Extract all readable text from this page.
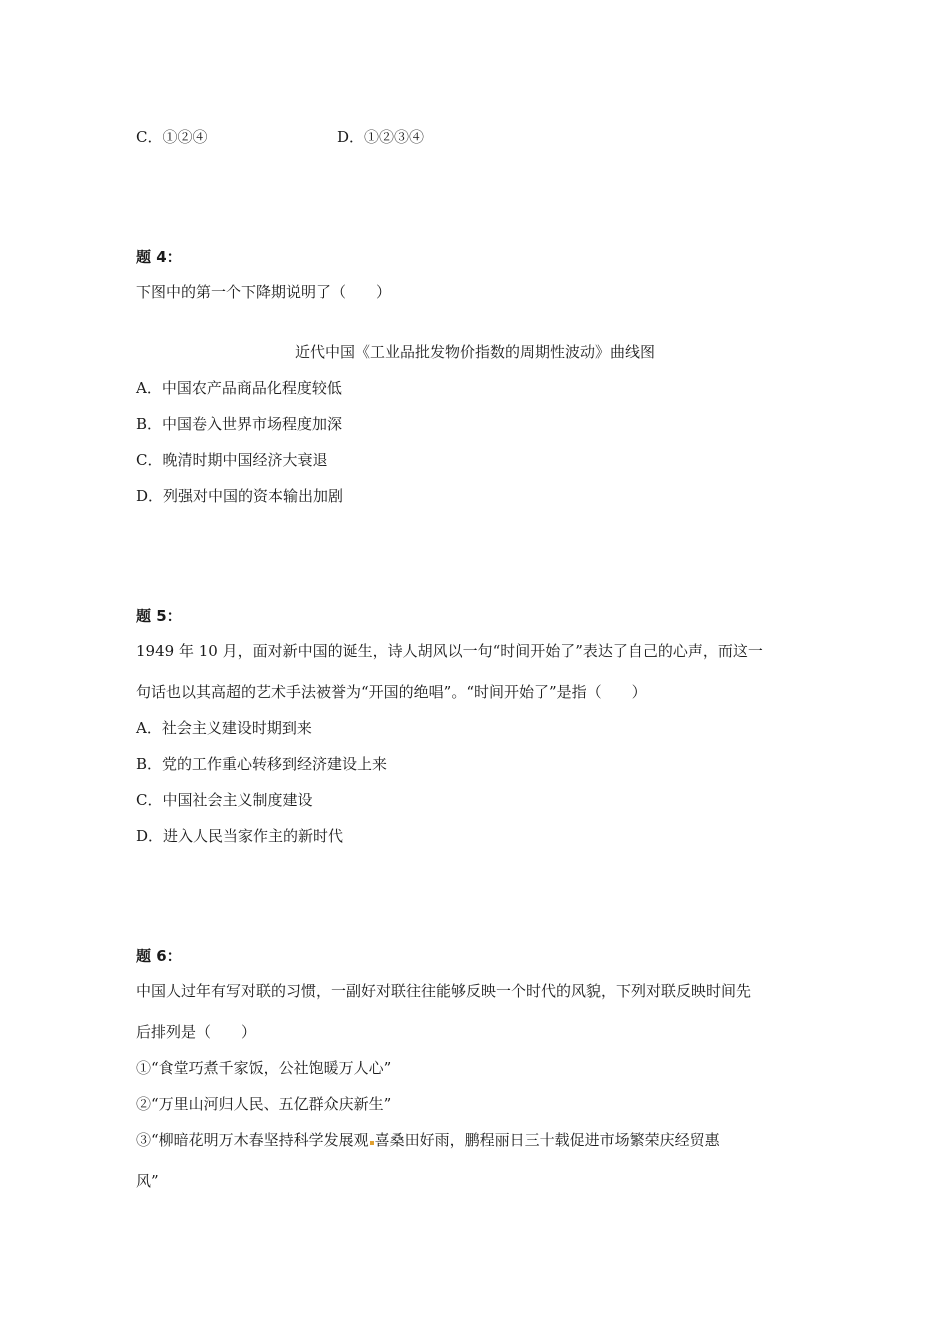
C．①②④	D．①②③④
题 4：
下图中的第一个下降期说明了（　　）
近代中国《工业品批发物价指数的周期性波动》曲线图
A．中国农产品商品化程度较低
B．中国卷入世界市场程度加深
C．晚清时期中国经济大衰退
D．列强对中国的资本输出加剧
题 5：
1949 年 10 月，面对新中国的诞生，诗人胡风以一句“时间开始了”表达了自己的心声，而这一
句话也以其高超的艺术手法被誉为“开国的绝唱”。“时间开始了”是指（　　）
A．社会主义建设时期到来
B．党的工作重心转移到经济建设上来
C．中国社会主义制度建设
D．进入人民当家作主的新时代
题 6：
中国人过年有写对联的习惯，一副好对联往往能够反映一个时代的风貌，下列对联反映时间先
后排列是（　　）
①“食堂巧煮千家饭，公社饱暖万人心”
②“万里山河归人民、五亿群众庆新生”
③“柳暗花明万木春坚持科学发展观 喜桑田好雨，鹏程丽日三十载促进市场繁荣庆经贸惠
风”
